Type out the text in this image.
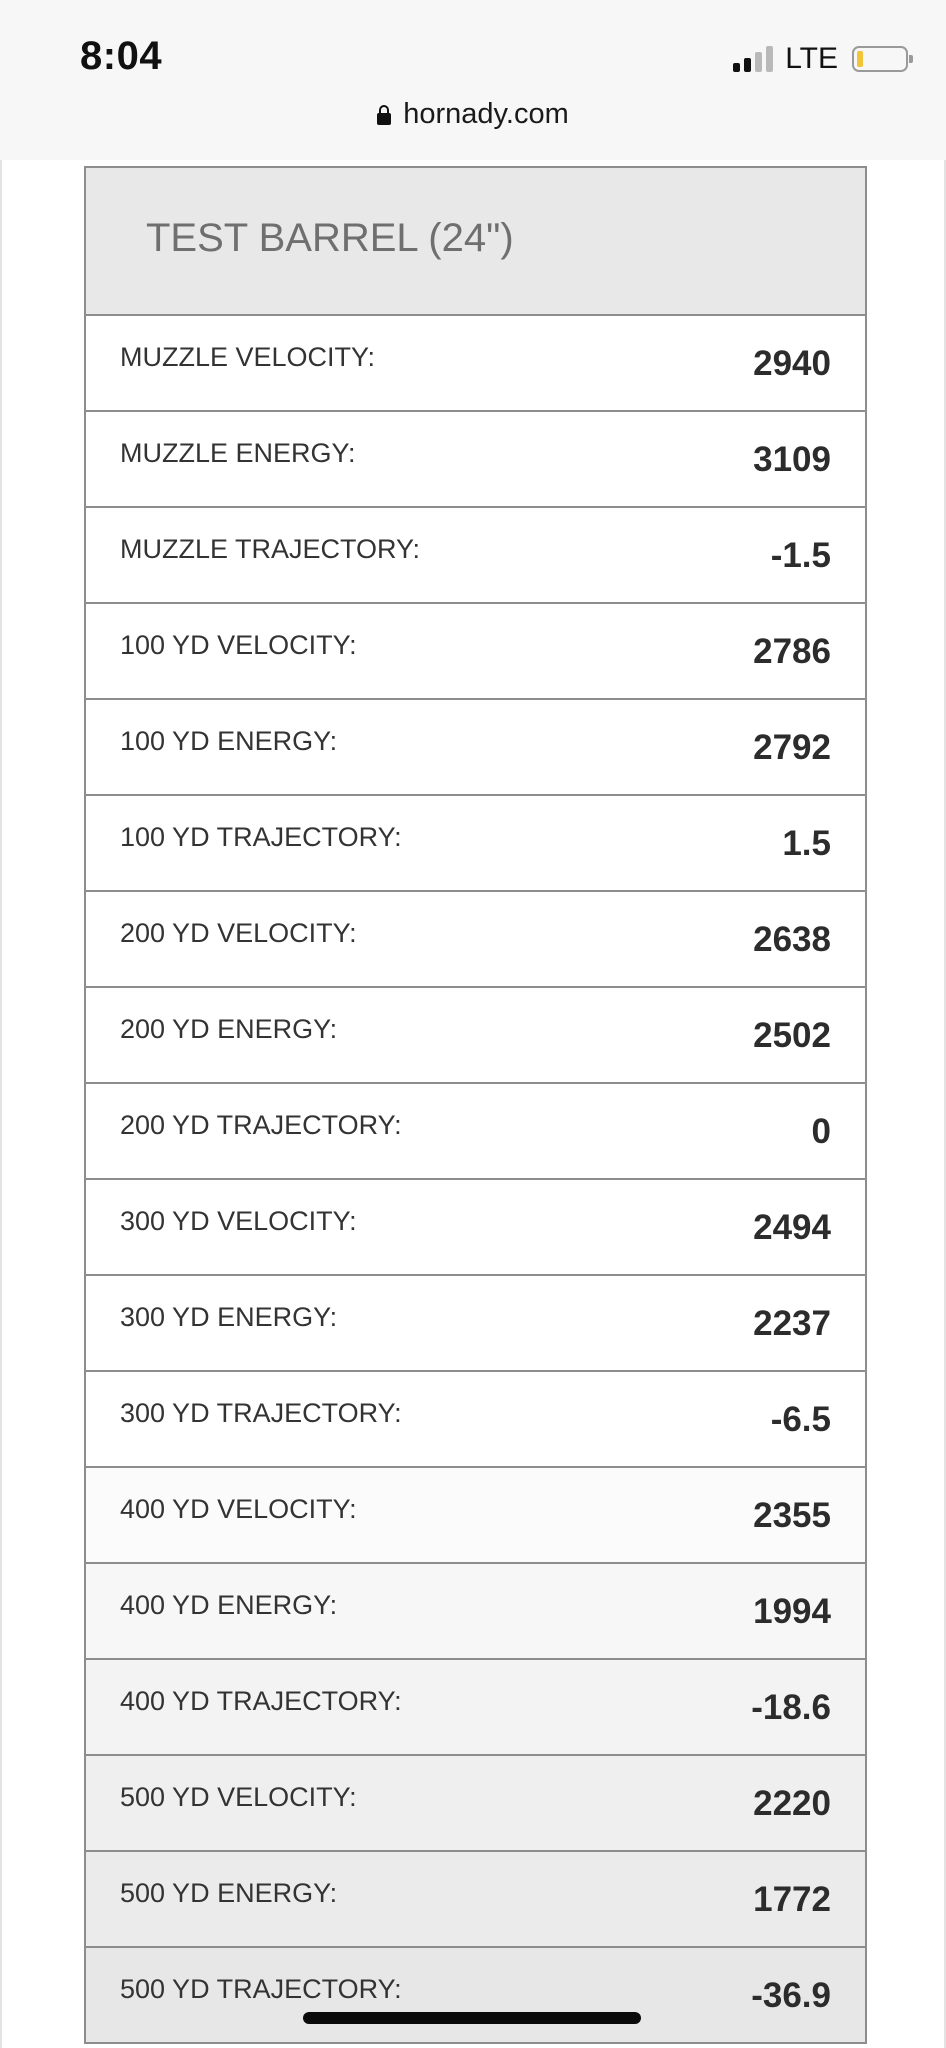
8:04	LTE
hornady.com
TEST BARREL (24")
MUZZLE VELOCITY:	2940
MUZZLE ENERGY:	3109
MUZZLE TRAJECTORY:	-1.5
100 YD VELOCITY:	2786
100 YD ENERGY:	2792
100 YD TRAJECTORY:	1.5
200 YD VELOCITY:	2638
200 YD ENERGY:	2502
200 YD TRAJECTORY:	0
300 YD VELOCITY:	2494
300 YD ENERGY:	2237
300 YD TRAJECTORY:	-6.5
400 YD VELOCITY:	2355
400 YD ENERGY:	1994
400 YD TRAJECTORY:	-18.6
500 YD VELOCITY:	2220
500 YD ENERGY:	1772
500 YD TRAJECTORY:	-36.9
